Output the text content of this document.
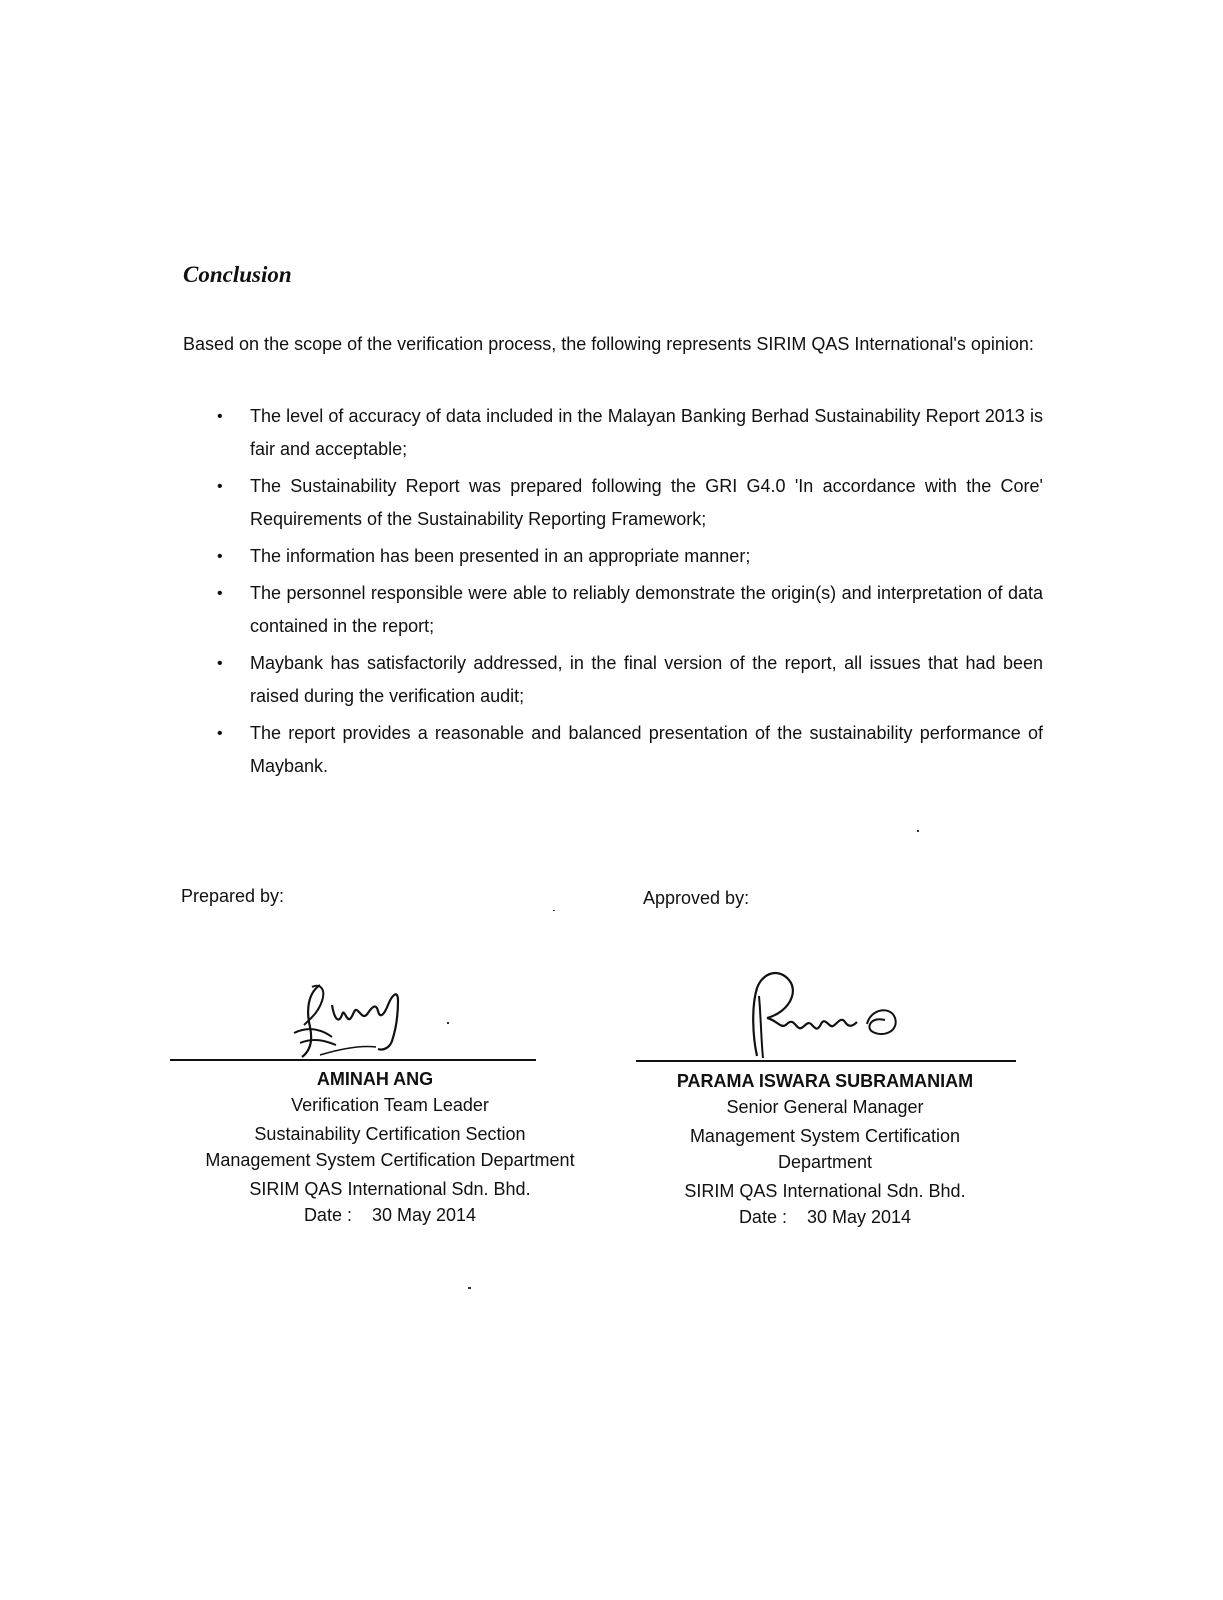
Conclusion

Based on the scope of the verification process, the following represents SIRIM QAS International's opinion:

• The level of accuracy of data included in the Malayan Banking Berhad Sustainability Report 2013 is fair and acceptable;
• The Sustainability Report was prepared following the GRI G4.0 'In accordance with the Core' Requirements of the Sustainability Reporting Framework;
• The information has been presented in an appropriate manner;
• The personnel responsible were able to reliably demonstrate the origin(s) and interpretation of data contained in the report;
• Maybank has satisfactorily addressed, in the final version of the report, all issues that had been raised during the verification audit;
• The report provides a reasonable and balanced presentation of the sustainability performance of Maybank.
Prepared by:	Approved by:
AMINAH ANG
Verification Team Leader
Sustainability Certification Section
Management System Certification Department
SIRIM QAS International Sdn. Bhd.
Date :    30 May 2014
PARAMA ISWARA SUBRAMANIAM
Senior General Manager
Management System Certification
Department
SIRIM QAS International Sdn. Bhd.
Date :    30 May 2014
